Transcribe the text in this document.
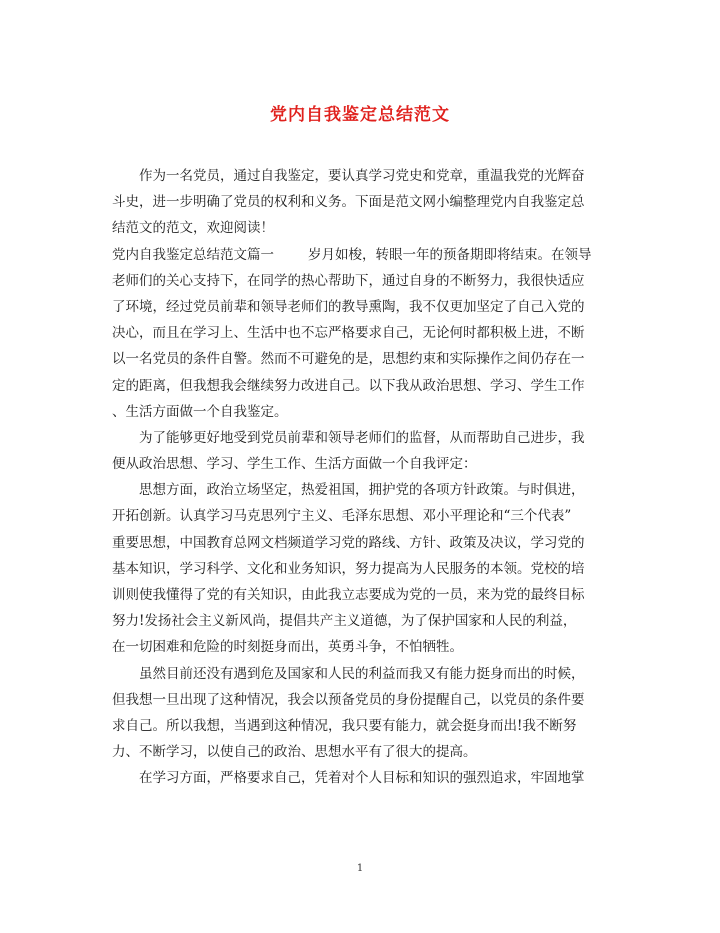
党内自我鉴定总结范文
作为一名党员，通过自我鉴定，要认真学习党史和党章，重温我党的光辉奋
斗史，进一步明确了党员的权利和义务。下面是范文网小编整理党内自我鉴定总
结范文的范文，欢迎阅读！
党内自我鉴定总结范文篇一	岁月如梭，转眼一年的预备期即将结束。在领导
老师们的关心支持下，在同学的热心帮助下，通过自身的不断努力，我很快适应
了环境，经过党员前辈和领导老师们的教导熏陶，我不仅更加坚定了自己入党的
决心，而且在学习上、生活中也不忘严格要求自己，无论何时都积极上进，不断
以一名党员的条件自警。然而不可避免的是，思想约束和实际操作之间仍存在一
定的距离，但我想我会继续努力改进自己。以下我从政治思想、学习、学生工作
、生活方面做一个自我鉴定。
为了能够更好地受到党员前辈和领导老师们的监督，从而帮助自己进步，我
便从政治思想、学习、学生工作、生活方面做一个自我评定：
思想方面，政治立场坚定，热爱祖国，拥护党的各项方针政策。与时俱进，
开拓创新。认真学习马克思列宁主义、毛泽东思想、邓小平理论和“三个代表”
重要思想，中国教育总网文档频道学习党的路线、方针、政策及决议，学习党的
基本知识，学习科学、文化和业务知识，努力提高为人民服务的本领。党校的培
训则使我懂得了党的有关知识，由此我立志要成为党的一员，来为党的最终目标
努力!发扬社会主义新风尚，提倡共产主义道德，为了保护国家和人民的利益，
在一切困难和危险的时刻挺身而出，英勇斗争，不怕牺牲。
虽然目前还没有遇到危及国家和人民的利益而我又有能力挺身而出的时候，
但我想一旦出现了这种情况，我会以预备党员的身份提醒自己，以党员的条件要
求自己。所以我想，当遇到这种情况，我只要有能力，就会挺身而出!我不断努
力、不断学习，以使自己的政治、思想水平有了很大的提高。
在学习方面，严格要求自己，凭着对个人目标和知识的强烈追求，牢固地掌
1
